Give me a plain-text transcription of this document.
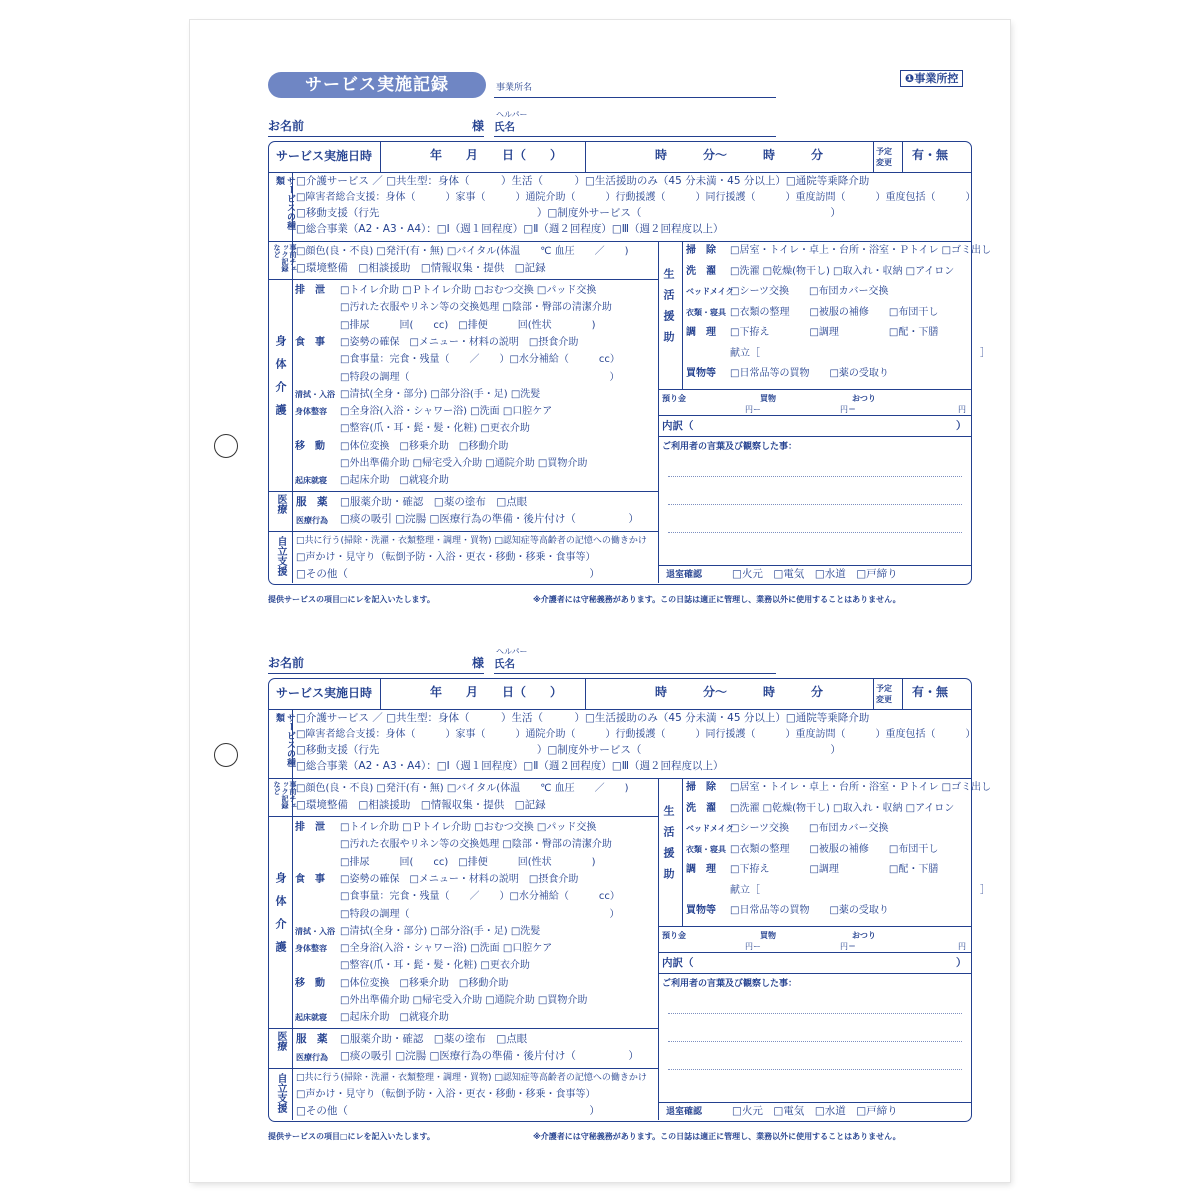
サービス実施記録	事業所名
❶事業所控
お名前	様
ヘルパー
氏名
サービス実施日時	年　　月　　日（　　）	時　　　分～　　　時　　　分	予定
変更
有・無
サービスの種類	□介護サービス ／ □共生型：身体（　　　）生活（　　　）□生活援助のみ（45 分未満・45 分以上）□通院等乗降介助
□障害者総合支援：身体（　　　）家事（　　　）通院介助（　　　）行動援護（　　　）同行援護（　　　）重度訪問（　　　）重度包括（　　　）
□移動支援（行先　　　　　　　　　　　　　　　）□制度外サービス（　　　　　　　　　　　　　　　　　　）
□総合事業（A2・A3・A4）：□Ⅰ（週１回程度）□Ⅱ（週２回程度）□Ⅲ（週２回程度以上）
事前チェック記録など	□顔色(良・不良) □発汗(有・無) □バイタル(体温　　℃ 血圧　　／　　)
□環境整備　□相談援助　□情報収集・提供　□記録
身体介護
排　泄 □トイレ介助 □Ｐトイレ介助 □おむつ交換 □パッド交換
□汚れた衣服やリネン等の交換処理 □陰部・臀部の清潔介助
□排尿　　　回(　　cc)　□排便　　　回(性状　　　　)
食　事 □姿勢の確保　□メニュー・材料の説明　□摂食介助
□食事量：完食・残量（　　／　　）□水分補給（　　　cc）
□特段の調理（　　　　　　　　　　　　　　　　　　　　）
清拭・入浴 □清拭(全身・部分) □部分浴(手・足) □洗髪
身体整容 □全身浴(入浴・シャワー浴) □洗面 □口腔ケア
□整容(爪・耳・髭・髪・化粧) □更衣介助
移　動 □体位変換　□移乗介助　□移動介助
□外出準備介助 □帰宅受入介助 □通院介助 □買物介助
起床就寝 □起床介助　□就寝介助
医療 服　薬 □服薬介助・確認　□薬の塗布　□点眼
医療行為 □痰の吸引 □浣腸 □医療行為の準備・後片付け（　　　　　）
自立支援 □共に行う(掃除・洗濯・衣類整理・調理・買物) □認知症等高齢者の記憶への働きかけ
□声かけ・見守り（転倒予防・入浴・更衣・移動・移乗・食事等）
□その他（　　　　　　　　　　　　　　　　　　　　　　　）
生活援助
掃　除 □居室・トイレ・卓上・台所・浴室・Ｐトイレ □ゴミ出し
洗　濯 □洗濯 □乾燥(物干し) □取入れ・収納 □アイロン
ベッドメイク
□シーツ交換　　□布団カバー交換
衣類・寝具 □衣類の整理　　□被服の補修　　□布団干し
調　理 □下拵え　　　　□調理　　　　　□配・下膳
献立［　　　　　　　　　　　　　　　　　　　　　　］
買物等 □日常品等の買物　　□薬の受取り
預り金	買物	おつり
円ー	円＝	円
内訳（　　　　　　　　　　　　　　　　　　　　　　　　　）
ご利用者の言葉及び観察した事：
退室確認	□火元　□電気　□水道　□戸締り
提供サービスの項目□にレを記入いたします。	※介護者には守秘義務があります。この日誌は適正に管理し、業務以外に使用することはありません。
お名前	様
ヘルパー
氏名
サービス実施日時	年　　月　　日（　　）	時　　　分～　　　時　　　分	予定
変更
有・無
サービスの種類	□介護サービス ／ □共生型：身体（　　　）生活（　　　）□生活援助のみ（45 分未満・45 分以上）□通院等乗降介助
□障害者総合支援：身体（　　　）家事（　　　）通院介助（　　　）行動援護（　　　）同行援護（　　　）重度訪問（　　　）重度包括（　　　）
□移動支援（行先　　　　　　　　　　　　　　　）□制度外サービス（　　　　　　　　　　　　　　　　　　）
□総合事業（A2・A3・A4）：□Ⅰ（週１回程度）□Ⅱ（週２回程度）□Ⅲ（週２回程度以上）
事前チェック記録など	□顔色(良・不良) □発汗(有・無) □バイタル(体温　　℃ 血圧　　／　　)
□環境整備　□相談援助　□情報収集・提供　□記録
身体介護
排　泄 □トイレ介助 □Ｐトイレ介助 □おむつ交換 □パッド交換
□汚れた衣服やリネン等の交換処理 □陰部・臀部の清潔介助
□排尿　　　回(　　cc)　□排便　　　回(性状　　　　)
食　事 □姿勢の確保　□メニュー・材料の説明　□摂食介助
□食事量：完食・残量（　　／　　）□水分補給（　　　cc）
□特段の調理（　　　　　　　　　　　　　　　　　　　　）
清拭・入浴 □清拭(全身・部分) □部分浴(手・足) □洗髪
身体整容 □全身浴(入浴・シャワー浴) □洗面 □口腔ケア
□整容(爪・耳・髭・髪・化粧) □更衣介助
移　動 □体位変換　□移乗介助　□移動介助
□外出準備介助 □帰宅受入介助 □通院介助 □買物介助
起床就寝 □起床介助　□就寝介助
医療 服　薬 □服薬介助・確認　□薬の塗布　□点眼
医療行為 □痰の吸引 □浣腸 □医療行為の準備・後片付け（　　　　　）
自立支援 □共に行う(掃除・洗濯・衣類整理・調理・買物) □認知症等高齢者の記憶への働きかけ
□声かけ・見守り（転倒予防・入浴・更衣・移動・移乗・食事等）
□その他（　　　　　　　　　　　　　　　　　　　　　　　）
生活援助
掃　除 □居室・トイレ・卓上・台所・浴室・Ｐトイレ □ゴミ出し
洗　濯 □洗濯 □乾燥(物干し) □取入れ・収納 □アイロン
ベッドメイク
□シーツ交換　　□布団カバー交換
衣類・寝具 □衣類の整理　　□被服の補修　　□布団干し
調　理 □下拵え　　　　□調理　　　　　□配・下膳
献立［　　　　　　　　　　　　　　　　　　　　　　］
買物等 □日常品等の買物　　□薬の受取り
預り金	買物	おつり
円ー	円＝	円
内訳（　　　　　　　　　　　　　　　　　　　　　　　　　）
ご利用者の言葉及び観察した事：
退室確認	□火元　□電気　□水道　□戸締り
提供サービスの項目□にレを記入いたします。	※介護者には守秘義務があります。この日誌は適正に管理し、業務以外に使用することはありません。
